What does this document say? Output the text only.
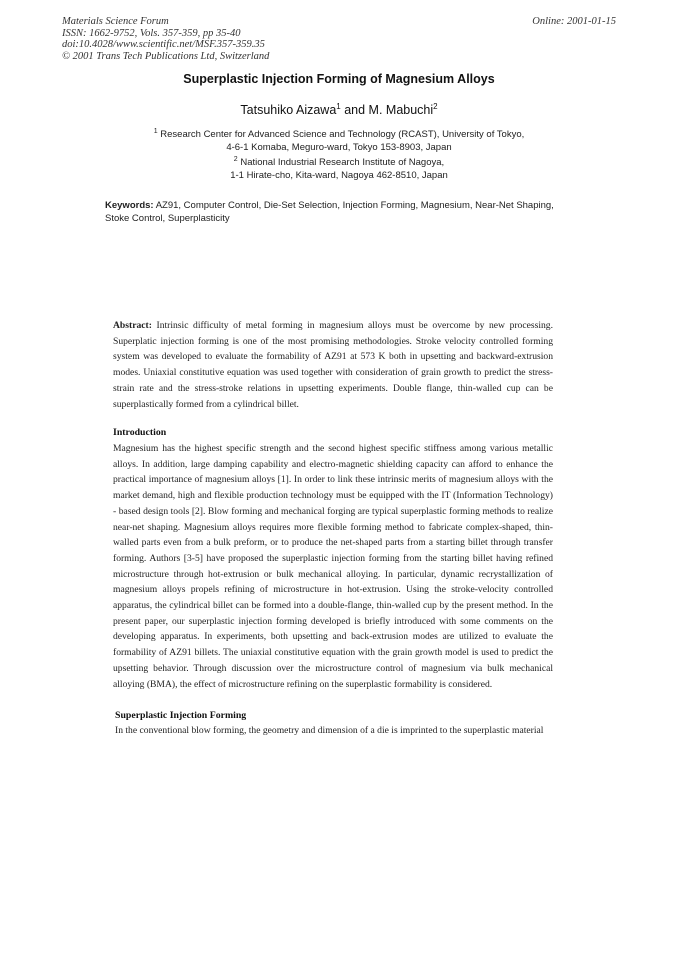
Materials Science Forum
ISSN: 1662-9752, Vols. 357-359, pp 35-40
doi:10.4028/www.scientific.net/MSF.357-359.35
© 2001 Trans Tech Publications Ltd, Switzerland
Online: 2001-01-15
Superplastic Injection Forming of Magnesium Alloys
Tatsuhiko Aizawa$^1$ and M. Mabuchi$^2$
$^1$ Research Center for Advanced Science and Technology (RCAST), University of Tokyo,
4-6-1 Komaba, Meguro-ward, Tokyo 153-8903, Japan
$^2$ National Industrial Research Institute of Nagoya,
1-1 Hirate-cho, Kita-ward, Nagoya 462-8510, Japan
Keywords: AZ91, Computer Control, Die-Set Selection, Injection Forming, Magnesium, Near-Net Shaping, Stoke Control, Superplasticity

Abstract: Intrinsic difficulty of metal forming in magnesium alloys must be overcome by new processing. Superplatic injection forming is one of the most promising methodologies. Stroke velocity controlled forming system was developed to evaluate the formability of AZ91 at 573 K both in upsetting and backward-extrusion modes. Uniaxial constitutive equation was used together with consideration of grain growth to predict the stress-strain rate and the stress-stroke relations in upsetting experiments. Double flange, thin-walled cup can be superplastically formed from a cylindrical billet.

Introduction

Magnesium has the highest specific strength and the second highest specific stiffness among various metallic alloys. In addition, large damping capability and electro-magnetic shielding capacity can afford to enhance the practical importance of magnesium alloys [1]. In order to link these intrinsic merits of magnesium alloys with the market demand, high and flexible production technology must be equipped with the IT (Information Technology) - based design tools [2]. Blow forming and mechanical forging are typical superplastic forming methods to realize near-net shaping. Magnesium alloys requires more flexible forming method to fabricate complex-shaped, thin-walled parts even from a bulk preform, or to produce the net-shaped parts from a starting billet through transfer forming. Authors [3-5] have proposed the superplastic injection forming from the starting billet having refined microstructure through hot-extrusion or bulk mechanical alloying. In particular, dynamic recrystallization of magnesium alloys propels refining of microstructure in hot-extrusion. Using the stroke-velocity controlled apparatus, the cylindrical billet can be formed into a double-flange, thin-walled cup by the present method. In the present paper, our superplastic injection forming developed is briefly introduced with some comments on the developing apparatus. In experiments, both upsetting and back-extrusion modes are utilized to evaluate the formability of AZ91 billets. The uniaxial constitutive equation with the grain growth model is used to predict the upsetting behavior. Through discussion over the microstructure control of magnesium via bulk mechanical alloying (BMA), the effect of microstructure refining on the superplastic formability is considered.

Superplastic Injection Forming

In the conventional blow forming, the geometry and dimension of a die is imprinted to the superplastic material
